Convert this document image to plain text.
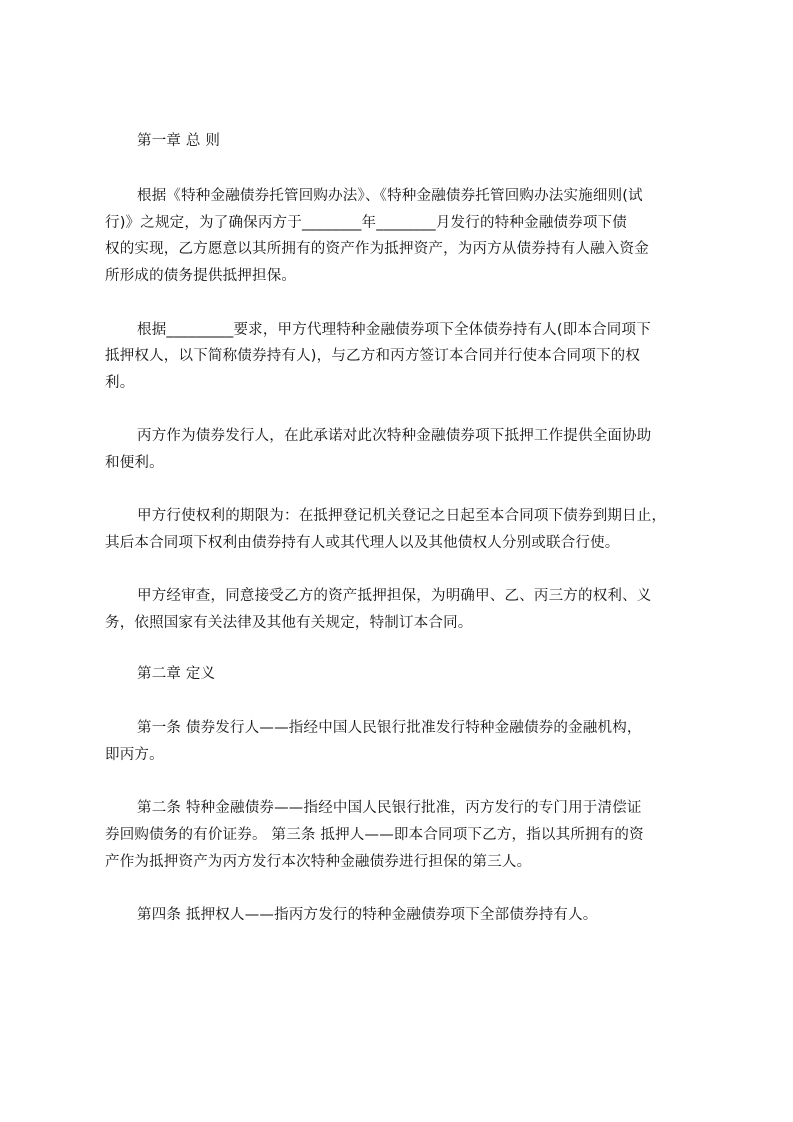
第一章 总 则
根据《特种金融债券托管回购办法》、《特种金融债券托管回购办法实施细则(试
行)》之规定，为了确保丙方于________年________月发行的特种金融债券项下债
权的实现，乙方愿意以其所拥有的资产作为抵押资产，为丙方从债券持有人融入资金
所形成的债务提供抵押担保。
根据_________要求，甲方代理特种金融债券项下全体债券持有人(即本合同项下
抵押权人，以下简称债券持有人)，与乙方和丙方签订本合同并行使本合同项下的权
利。
丙方作为债券发行人，在此承诺对此次特种金融债券项下抵押工作提供全面协助
和便利。
甲方行使权利的期限为：在抵押登记机关登记之日起至本合同项下债券到期日止，
其后本合同项下权利由债券持有人或其代理人以及其他债权人分别或联合行使。
甲方经审查，同意接受乙方的资产抵押担保，为明确甲、乙、丙三方的权利、义
务，依照国家有关法律及其他有关规定，特制订本合同。
第二章 定义
第一条 债券发行人——指经中国人民银行批准发行特种金融债券的金融机构，
即丙方。
第二条 特种金融债券——指经中国人民银行批准，丙方发行的专门用于清偿证
券回购债务的有价证券。 第三条 抵押人——即本合同项下乙方，指以其所拥有的资
产作为抵押资产为丙方发行本次特种金融债券进行担保的第三人。
第四条 抵押权人——指丙方发行的特种金融债券项下全部债券持有人。
